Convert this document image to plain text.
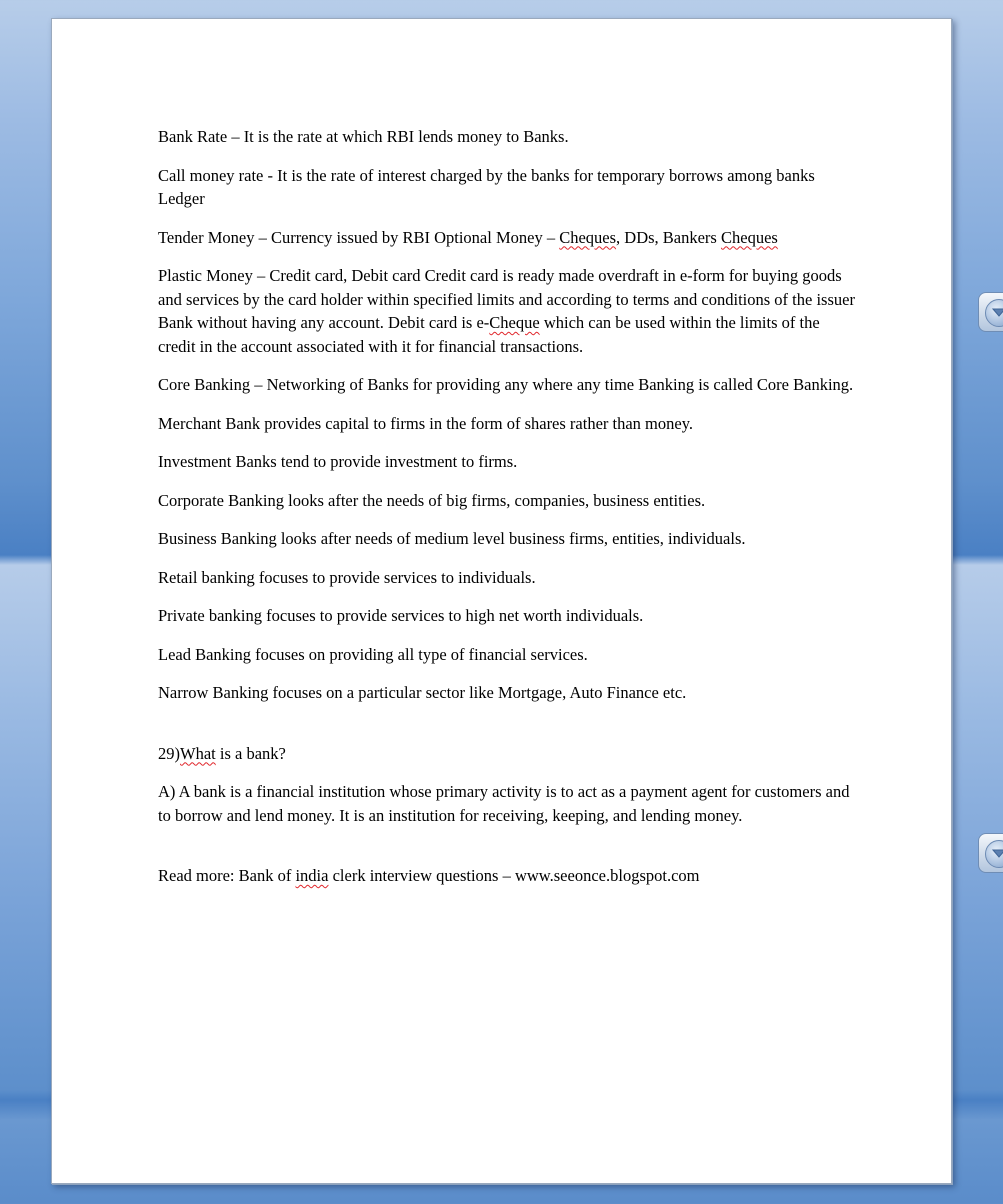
Bank Rate – It is the rate at which RBI lends money to Banks.

Call money rate - It is the rate of interest charged by the banks for temporary borrows among banks Ledger

Tender Money – Currency issued by RBI Optional Money – Cheques, DDs, Bankers Cheques

Plastic Money – Credit card, Debit card Credit card is ready made overdraft in e-form for buying goods and services by the card holder within specified limits and according to terms and conditions of the issuer Bank without having any account. Debit card is e-Cheque which can be used within the limits of the credit in the account associated with it for financial transactions.

Core Banking – Networking of Banks for providing any where any time Banking is called Core Banking.

Merchant Bank provides capital to firms in the form of shares rather than money.

Investment Banks tend to provide investment to firms.

Corporate Banking looks after the needs of big firms, companies, business entities.

Business Banking looks after needs of medium level business firms, entities, individuals.

Retail banking focuses to provide services to individuals.

Private banking focuses to provide services to high net worth individuals.

Lead Banking focuses on providing all type of financial services.

Narrow Banking focuses on a particular sector like Mortgage, Auto Finance etc.

29)What is a bank?

A) A bank is a financial institution whose primary activity is to act as a payment agent for customers and to borrow and lend money. It is an institution for receiving, keeping, and lending money.

Read more: Bank of india clerk interview questions – www.seeonce.blogspot.com
